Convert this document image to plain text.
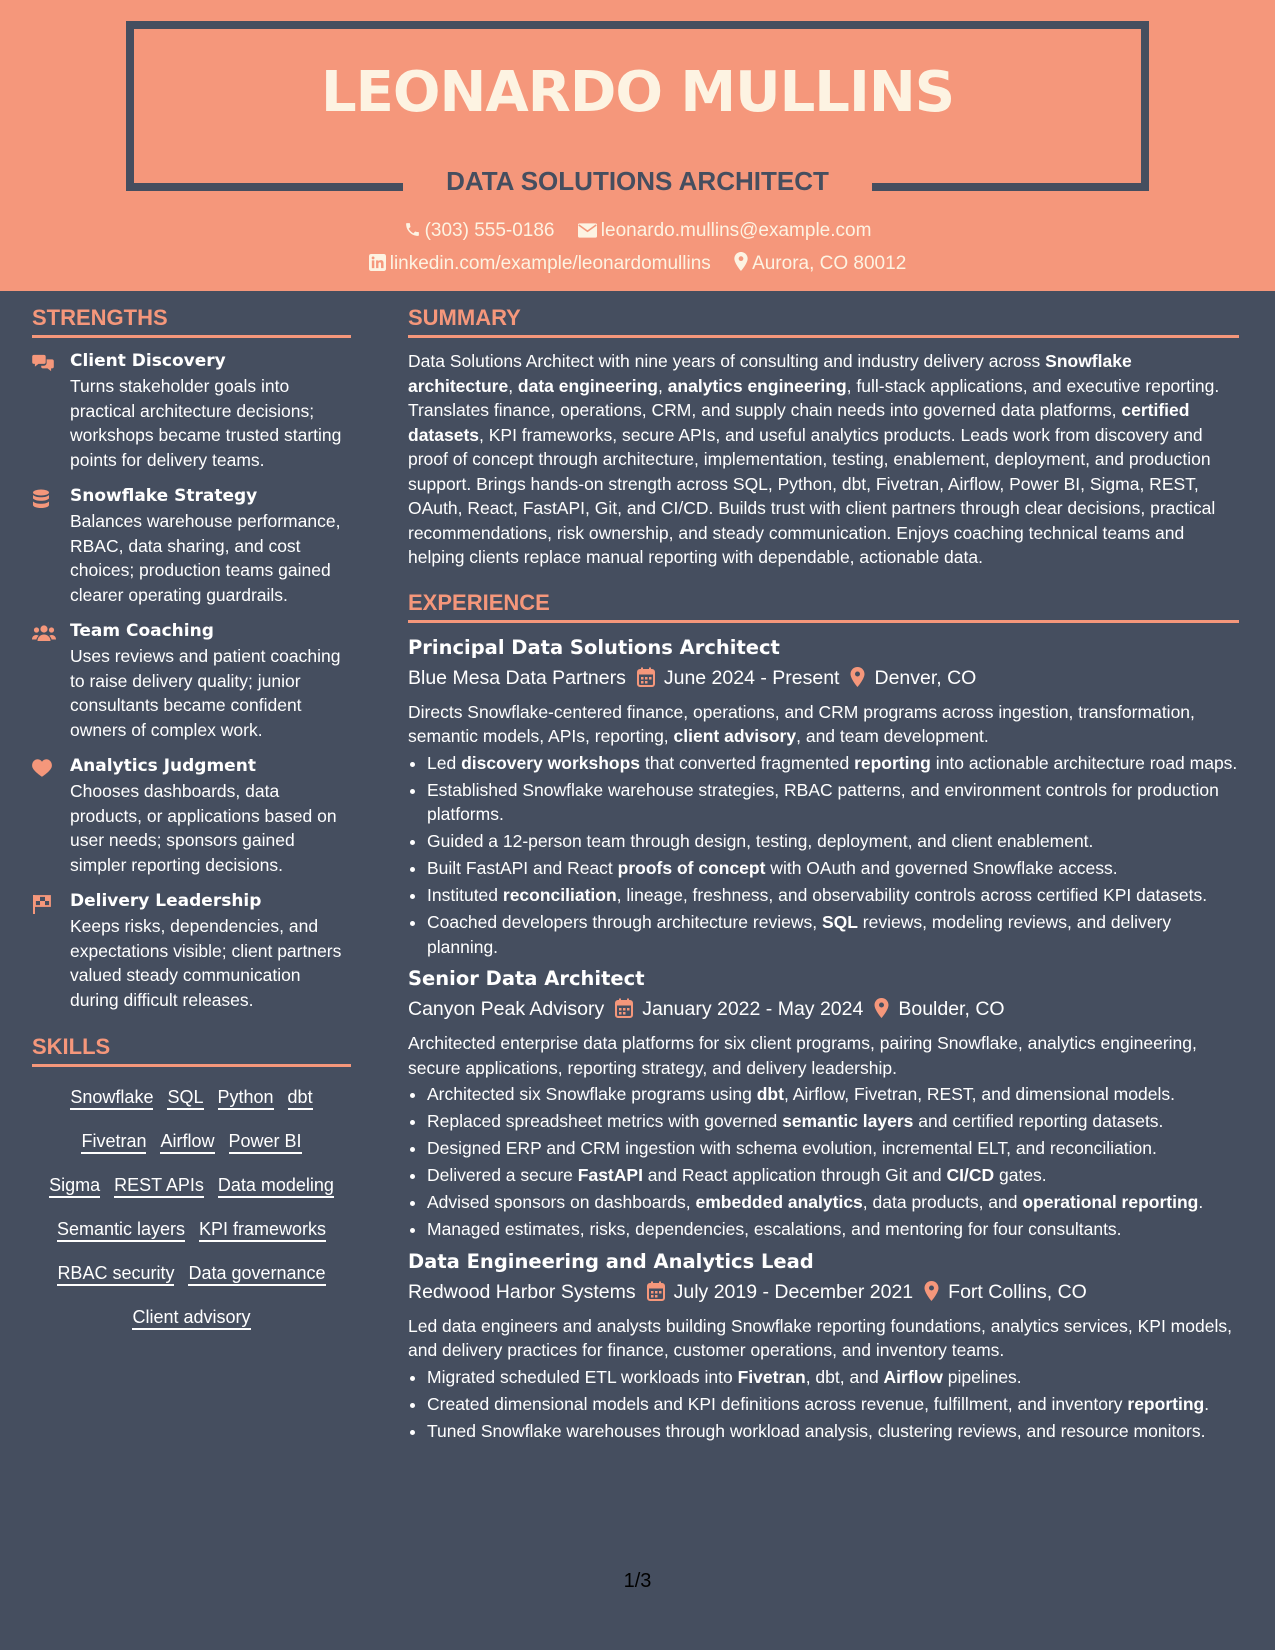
LEONARDO MULLINS
DATA SOLUTIONS ARCHITECT
(303) 555-0186 leonardo.mullins@example.com
linkedin.com/example/leonardomullins Aurora, CO 80012
STRENGTHS
Client Discovery
Turns stakeholder goals into practical architecture decisions; workshops became trusted starting points for delivery teams.
Snowflake Strategy
Balances warehouse performance, RBAC, data sharing, and cost choices; production teams gained clearer operating guardrails.
Team Coaching
Uses reviews and patient coaching to raise delivery quality; junior consultants became confident owners of complex work.
Analytics Judgment
Chooses dashboards, data products, or applications based on user needs; sponsors gained simpler reporting decisions.
Delivery Leadership
Keeps risks, dependencies, and expectations visible; client partners valued steady communication during difficult releases.
SKILLS
Snowflake SQL Python dbt
Fivetran Airflow Power BI
Sigma REST APIs Data modeling
Semantic layers KPI frameworks
RBAC security Data governance
Client advisory
SUMMARY
Data Solutions Architect with nine years of consulting and industry delivery across Snowflake architecture, data engineering, analytics engineering, full-stack applications, and executive reporting. Translates finance, operations, CRM, and supply chain needs into governed data platforms, certified datasets, KPI frameworks, secure APIs, and useful analytics products. Leads work from discovery and proof of concept through architecture, implementation, testing, enablement, deployment, and production support. Brings hands-on strength across SQL, Python, dbt, Fivetran, Airflow, Power BI, Sigma, REST, OAuth, React, FastAPI, Git, and CI/CD. Builds trust with client partners through clear decisions, practical recommendations, risk ownership, and steady communication. Enjoys coaching technical teams and helping clients replace manual reporting with dependable, actionable data.
EXPERIENCE
Principal Data Solutions Architect
Blue Mesa Data Partners June 2024 - Present Denver, CO
Directs Snowflake-centered finance, operations, and CRM programs across ingestion, transformation, semantic models, APIs, reporting, client advisory, and team development.
• Led discovery workshops that converted fragmented reporting into actionable architecture road maps.
• Established Snowflake warehouse strategies, RBAC patterns, and environment controls for production platforms.
• Guided a 12-person team through design, testing, deployment, and client enablement.
• Built FastAPI and React proofs of concept with OAuth and governed Snowflake access.
• Instituted reconciliation, lineage, freshness, and observability controls across certified KPI datasets.
• Coached developers through architecture reviews, SQL reviews, modeling reviews, and delivery planning.
Senior Data Architect
Canyon Peak Advisory January 2022 - May 2024 Boulder, CO
Architected enterprise data platforms for six client programs, pairing Snowflake, analytics engineering, secure applications, reporting strategy, and delivery leadership.
• Architected six Snowflake programs using dbt, Airflow, Fivetran, REST, and dimensional models.
• Replaced spreadsheet metrics with governed semantic layers and certified reporting datasets.
• Designed ERP and CRM ingestion with schema evolution, incremental ELT, and reconciliation.
• Delivered a secure FastAPI and React application through Git and CI/CD gates.
• Advised sponsors on dashboards, embedded analytics, data products, and operational reporting.
• Managed estimates, risks, dependencies, escalations, and mentoring for four consultants.
Data Engineering and Analytics Lead
Redwood Harbor Systems July 2019 - December 2021 Fort Collins, CO
Led data engineers and analysts building Snowflake reporting foundations, analytics services, KPI models, and delivery practices for finance, customer operations, and inventory teams.
• Migrated scheduled ETL workloads into Fivetran, dbt, and Airflow pipelines.
• Created dimensional models and KPI definitions across revenue, fulfillment, and inventory reporting.
• Tuned Snowflake warehouses through workload analysis, clustering reviews, and resource monitors.
1/3
